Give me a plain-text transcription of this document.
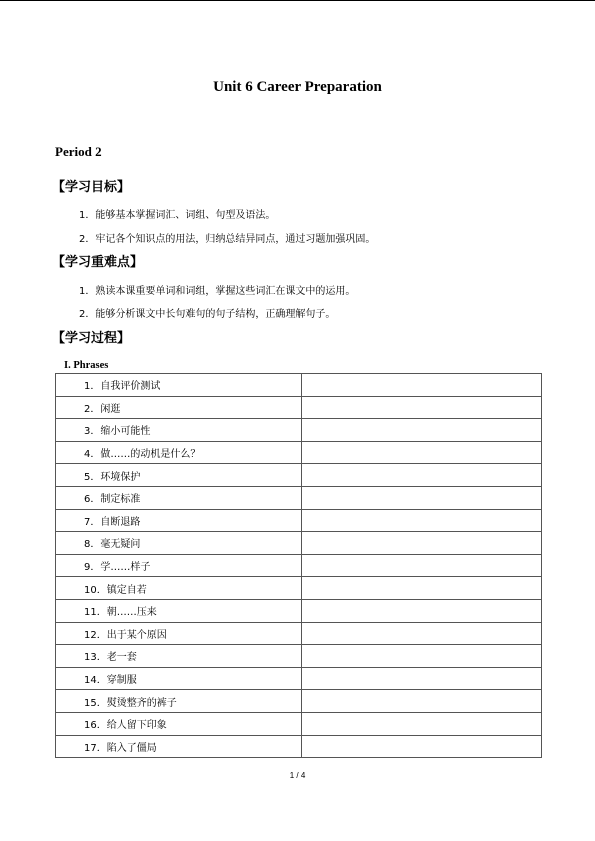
Unit 6 Career Preparation
Period 2
【学习目标】
1．能够基本掌握词汇、词组、句型及语法。
2．牢记各个知识点的用法，归纳总结异同点，通过习题加强巩固。
【学习重难点】
1．熟读本课重要单词和词组，掌握这些词汇在课文中的运用。
2．能够分析课文中长句难句的句子结构，正确理解句子。
【学习过程】
I. Phrases
1．自我评价测试	
2．闲逛	
3．缩小可能性	
4．做……的动机是什么？	
5．环境保护	
6．制定标准	
7．自断退路	
8．毫无疑问	
9．学……样子	
10．镇定自若	
11．朝……压来	
12．出于某个原因	
13．老一套	
14．穿制服	
15．熨烫整齐的裤子	
16．给人留下印象	
17．陷入了僵局	
1 / 4
